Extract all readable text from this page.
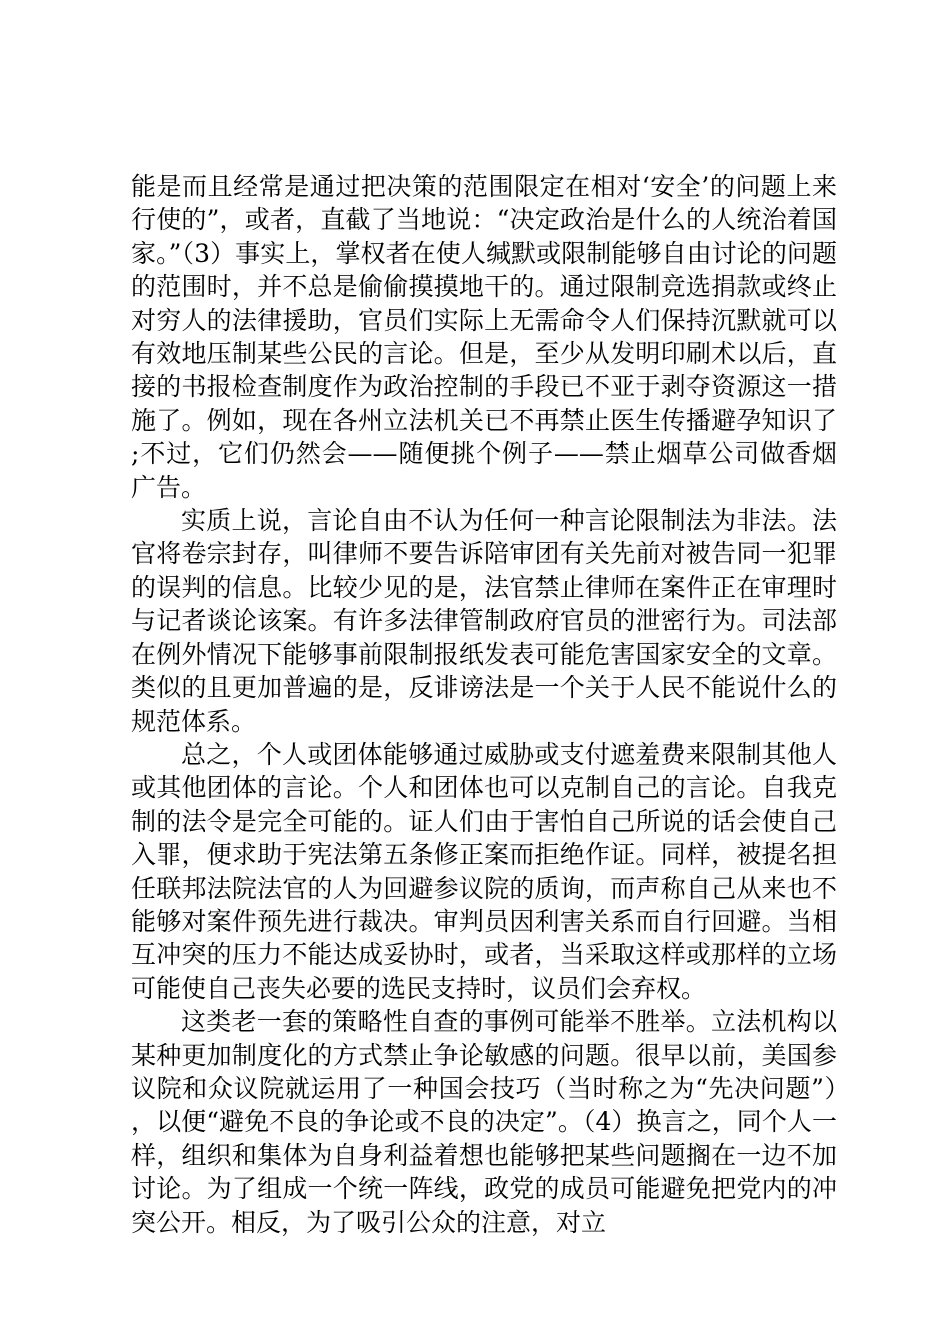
能是而且经常是通过把决策的范围限定在相对‘安全’的问题上来行使的”，或者，直截了当地说：“决定政治是什么的人统治着国家。”（3）事实上，掌权者在使人缄默或限制能够自由讨论的问题的范围时，并不总是偷偷摸摸地干的。通过限制竞选捐款或终止对穷人的法律援助，官员们实际上无需命令人们保持沉默就可以有效地压制某些公民的言论。但是，至少从发明印刷术以后，直接的书报检查制度作为政治控制的手段已不亚于剥夺资源这一措施了。例如，现在各州立法机关已不再禁止医生传播避孕知识了;不过，它们仍然会——随便挑个例子——禁止烟草公司做香烟广告。

实质上说，言论自由不认为任何一种言论限制法为非法。法官将卷宗封存，叫律师不要告诉陪审团有关先前对被告同一犯罪的误判的信息。比较少见的是，法官禁止律师在案件正在审理时与记者谈论该案。有许多法律管制政府官员的泄密行为。司法部在例外情况下能够事前限制报纸发表可能危害国家安全的文章。类似的且更加普遍的是，反诽谤法是一个关于人民不能说什么的规范体系。

总之，个人或团体能够通过威胁或支付遮羞费来限制其他人或其他团体的言论。个人和团体也可以克制自己的言论。自我克制的法令是完全可能的。证人们由于害怕自己所说的话会使自己入罪，便求助于宪法第五条修正案而拒绝作证。同样，被提名担任联邦法院法官的人为回避参议院的质询，而声称自己从来也不能够对案件预先进行裁决。审判员因利害关系而自行回避。当相互冲突的压力不能达成妥协时，或者，当采取这样或那样的立场可能使自己丧失必要的选民支持时，议员们会弃权。

这类老一套的策略性自查的事例可能举不胜举。立法机构以某种更加制度化的方式禁止争论敏感的问题。很早以前，美国参议院和众议院就运用了一种国会技巧（当时称之为“先决问题”），以便“避免不良的争论或不良的决定”。（4）换言之，同个人一样，组织和集体为自身利益着想也能够把某些问题搁在一边不加讨论。为了组成一个统一阵线，政党的成员可能避免把党内的冲突公开。相反，为了吸引公众的注意，对立
